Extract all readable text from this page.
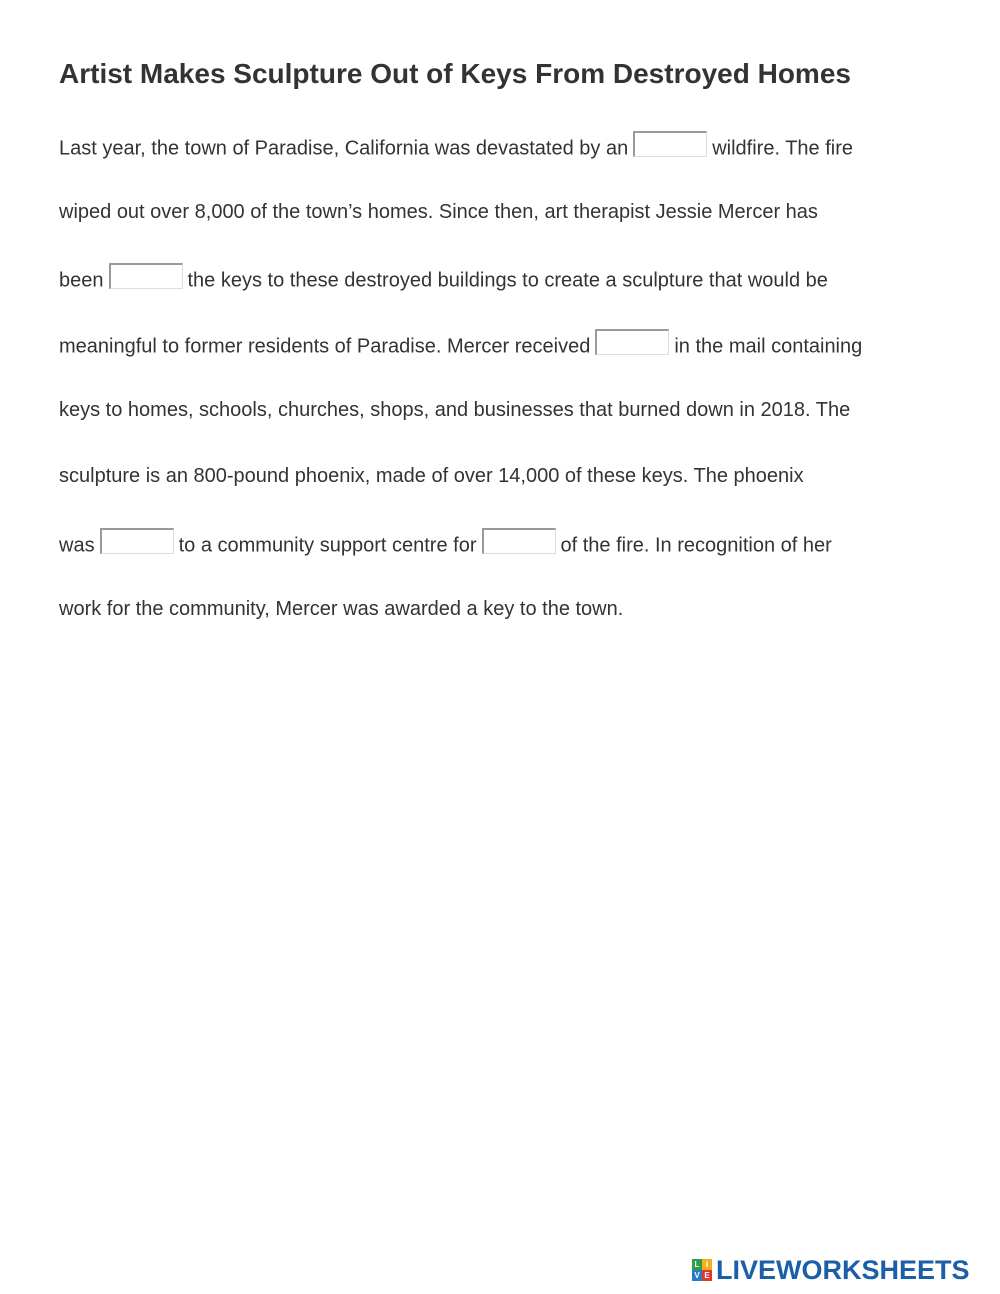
Artist Makes Sculpture Out of Keys From Destroyed Homes
Last year, the town of Paradise, California was devastated by an	wildfire. The fire
wiped out over 8,000 of the town’s homes. Since then, art therapist Jessie Mercer has
been	the keys to these destroyed buildings to create a sculpture that would be
meaningful to former residents of Paradise. Mercer received	in the mail containing
keys to homes, schools, churches, shops, and businesses that burned down in 2018. The
sculpture is an 800-pound phoenix, made of over 14,000 of these keys. The phoenix
was	to a community support centre for	of the fire. In recognition of her
work for the community, Mercer was awarded a key to the town.
L I
V E LIVEWORKSHEETS
